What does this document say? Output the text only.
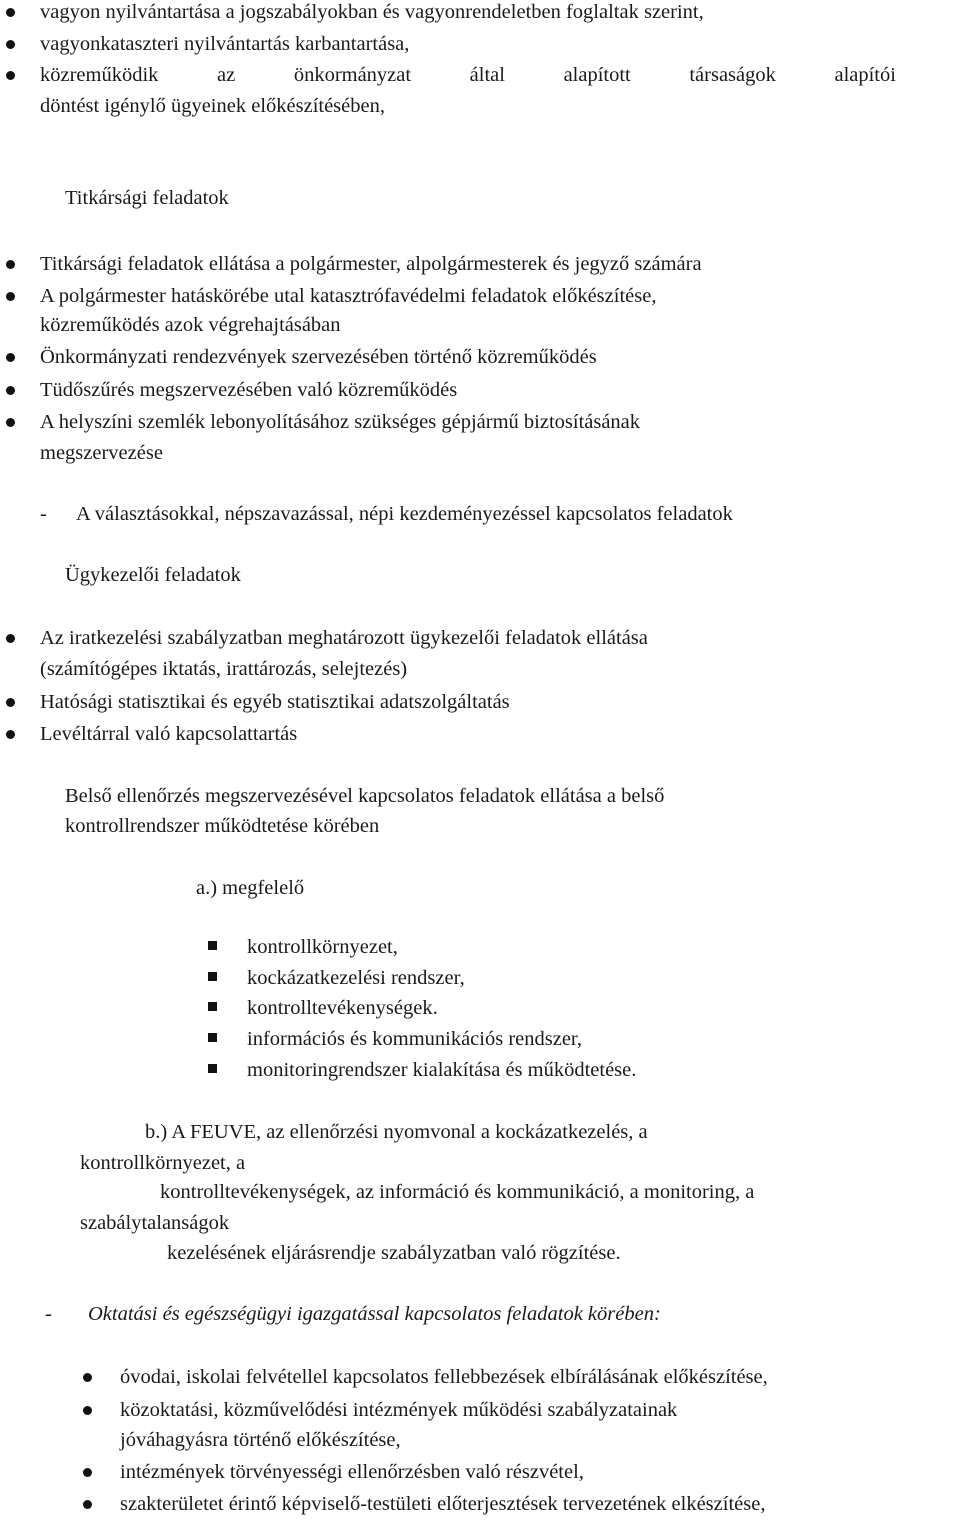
vagyon nyilvántartása a jogszabályokban és vagyonrendeletben foglaltak szerint,
vagyonkataszteri nyilvántartás karbantartása,
közreműködik	az	önkormányzat	által	alapított	társaságok	alapítói
döntést igénylő ügyeinek előkészítésében,
Titkársági feladatok
Titkársági feladatok ellátása a polgármester, alpolgármesterek és jegyző számára
A polgármester hatáskörébe utal katasztrófavédelmi feladatok előkészítése,
közreműködés azok végrehajtásában
Önkormányzati rendezvények szervezésében történő közreműködés
Tüdőszűrés megszervezésében való közreműködés
A helyszíni szemlék lebonyolításához szükséges gépjármű biztosításának
megszervezése
- A választásokkal, népszavazással, népi kezdeményezéssel kapcsolatos feladatok
Ügykezelői feladatok
Az iratkezelési szabályzatban meghatározott ügykezelői feladatok ellátása
(számítógépes iktatás, irattározás, selejtezés)
Hatósági statisztikai és egyéb statisztikai adatszolgáltatás
Levéltárral való kapcsolattartás
Belső ellenőrzés megszervezésével kapcsolatos feladatok ellátása a belső
kontrollrendszer működtetése körében
a.) megfelelő
kontrollkörnyezet,
kockázatkezelési rendszer,
kontrolltevékenységek.
információs és kommunikációs rendszer,
monitoringrendszer kialakítása és működtetése.
b.) A FEUVE, az ellenőrzési nyomvonal a kockázatkezelés, a
kontrollkörnyezet, a
kontrolltevékenységek, az információ és kommunikáció, a monitoring, a
szabálytalanságok
kezelésének eljárásrendje szabályzatban való rögzítése.
- Oktatási és egészségügyi igazgatással kapcsolatos feladatok körében:
óvodai, iskolai felvétellel kapcsolatos fellebbezések elbírálásának előkészítése,
közoktatási, közművelődési intézmények működési szabályzatainak
jóváhagyásra történő előkészítése,
intézmények törvényességi ellenőrzésben való részvétel,
szakterületet érintő képviselő-testületi előterjesztések tervezetének elkészítése,
